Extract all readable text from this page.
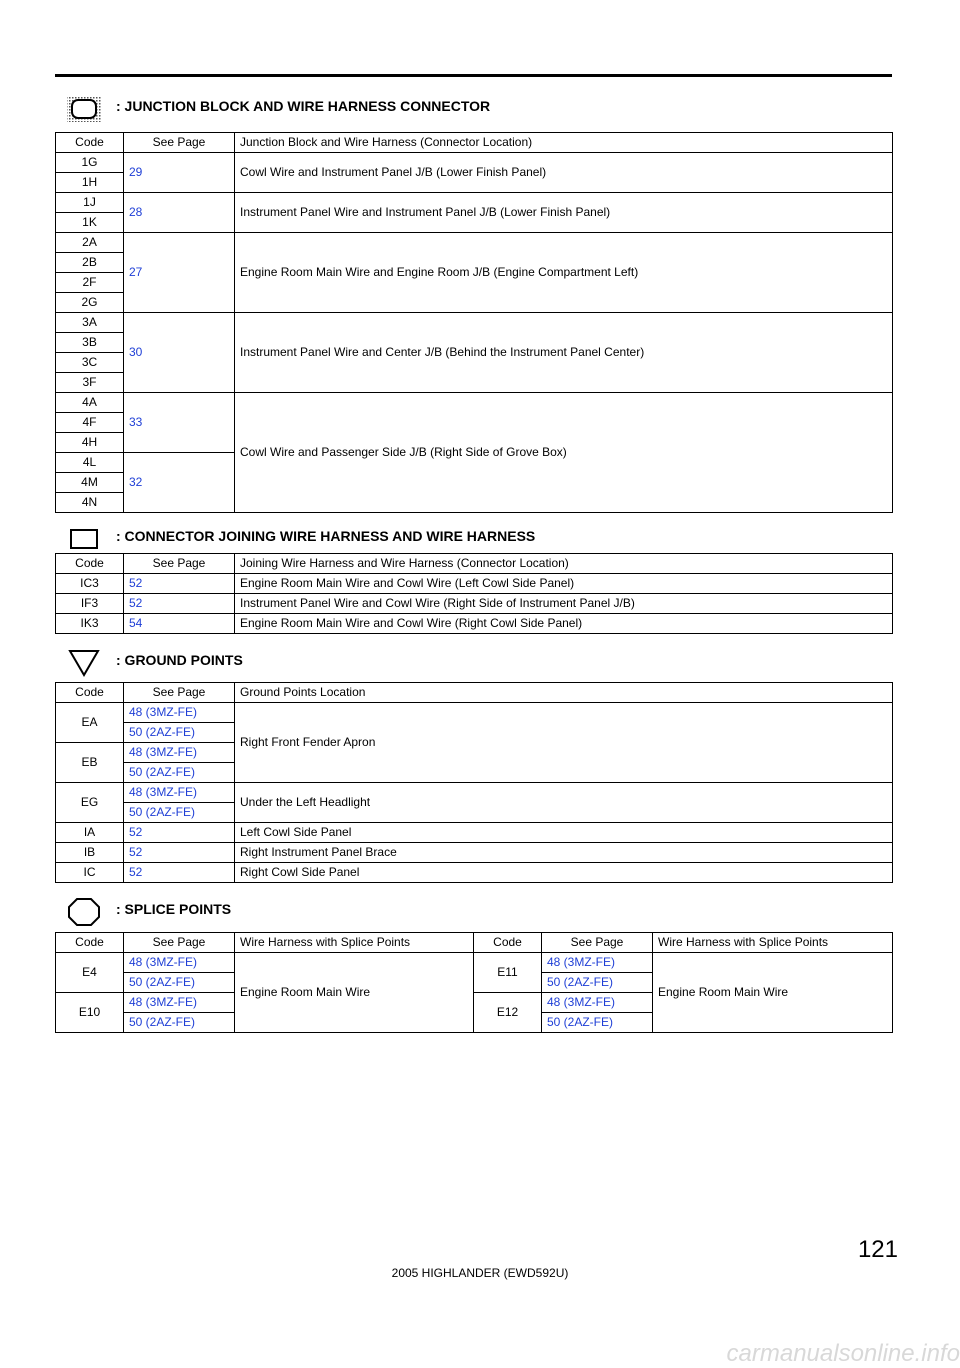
: JUNCTION BLOCK AND WIRE HARNESS CONNECTOR
Code	See Page	Junction Block and Wire Harness (Connector Location)
1G	29	Cowl Wire and Instrument Panel J/B (Lower Finish Panel)
1H		
1J	28	Instrument Panel Wire and Instrument Panel J/B (Lower Finish Panel)
1K		
2A	27	Engine Room Main Wire and Engine Room J/B (Engine Compartment Left)
2B		
2F		
2G		
3A	30	Instrument Panel Wire and Center J/B (Behind the Instrument Panel Center)
3B		
3C		
3F		
4A	33	Cowl Wire and Passenger Side J/B (Right Side of Grove Box)
4F		
4H		
4L	32	
4M		
4N		
: CONNECTOR JOINING WIRE HARNESS AND WIRE HARNESS
Code	See Page	Joining Wire Harness and Wire Harness (Connector Location)
IC3	52	Engine Room Main Wire and Cowl Wire (Left Cowl Side Panel)
IF3	52	Instrument Panel Wire and Cowl Wire (Right Side of Instrument Panel J/B)
IK3	54	Engine Room Main Wire and Cowl Wire (Right Cowl Side Panel)
: GROUND POINTS
Code	See Page	Ground Points Location
EA	48 (3MZ-FE)	Right Front Fender Apron
	50 (2AZ-FE)	
EB	48 (3MZ-FE)	
	50 (2AZ-FE)	
EG	48 (3MZ-FE)	Under the Left Headlight
	50 (2AZ-FE)	
IA	52	Left Cowl Side Panel
IB	52	Right Instrument Panel Brace
IC	52	Right Cowl Side Panel
: SPLICE POINTS
Code	See Page	Wire Harness with Splice Points	Code	See Page	Wire Harness with Splice Points
E4	48 (3MZ-FE)	Engine Room Main Wire	E11	48 (3MZ-FE)	Engine Room Main Wire
	50 (2AZ-FE)			50 (2AZ-FE)	
E10	48 (3MZ-FE)		E12	48 (3MZ-FE)	
	50 (2AZ-FE)			50 (2AZ-FE)	
121
2005 HIGHLANDER (EWD592U)
carmanualsonline.info
